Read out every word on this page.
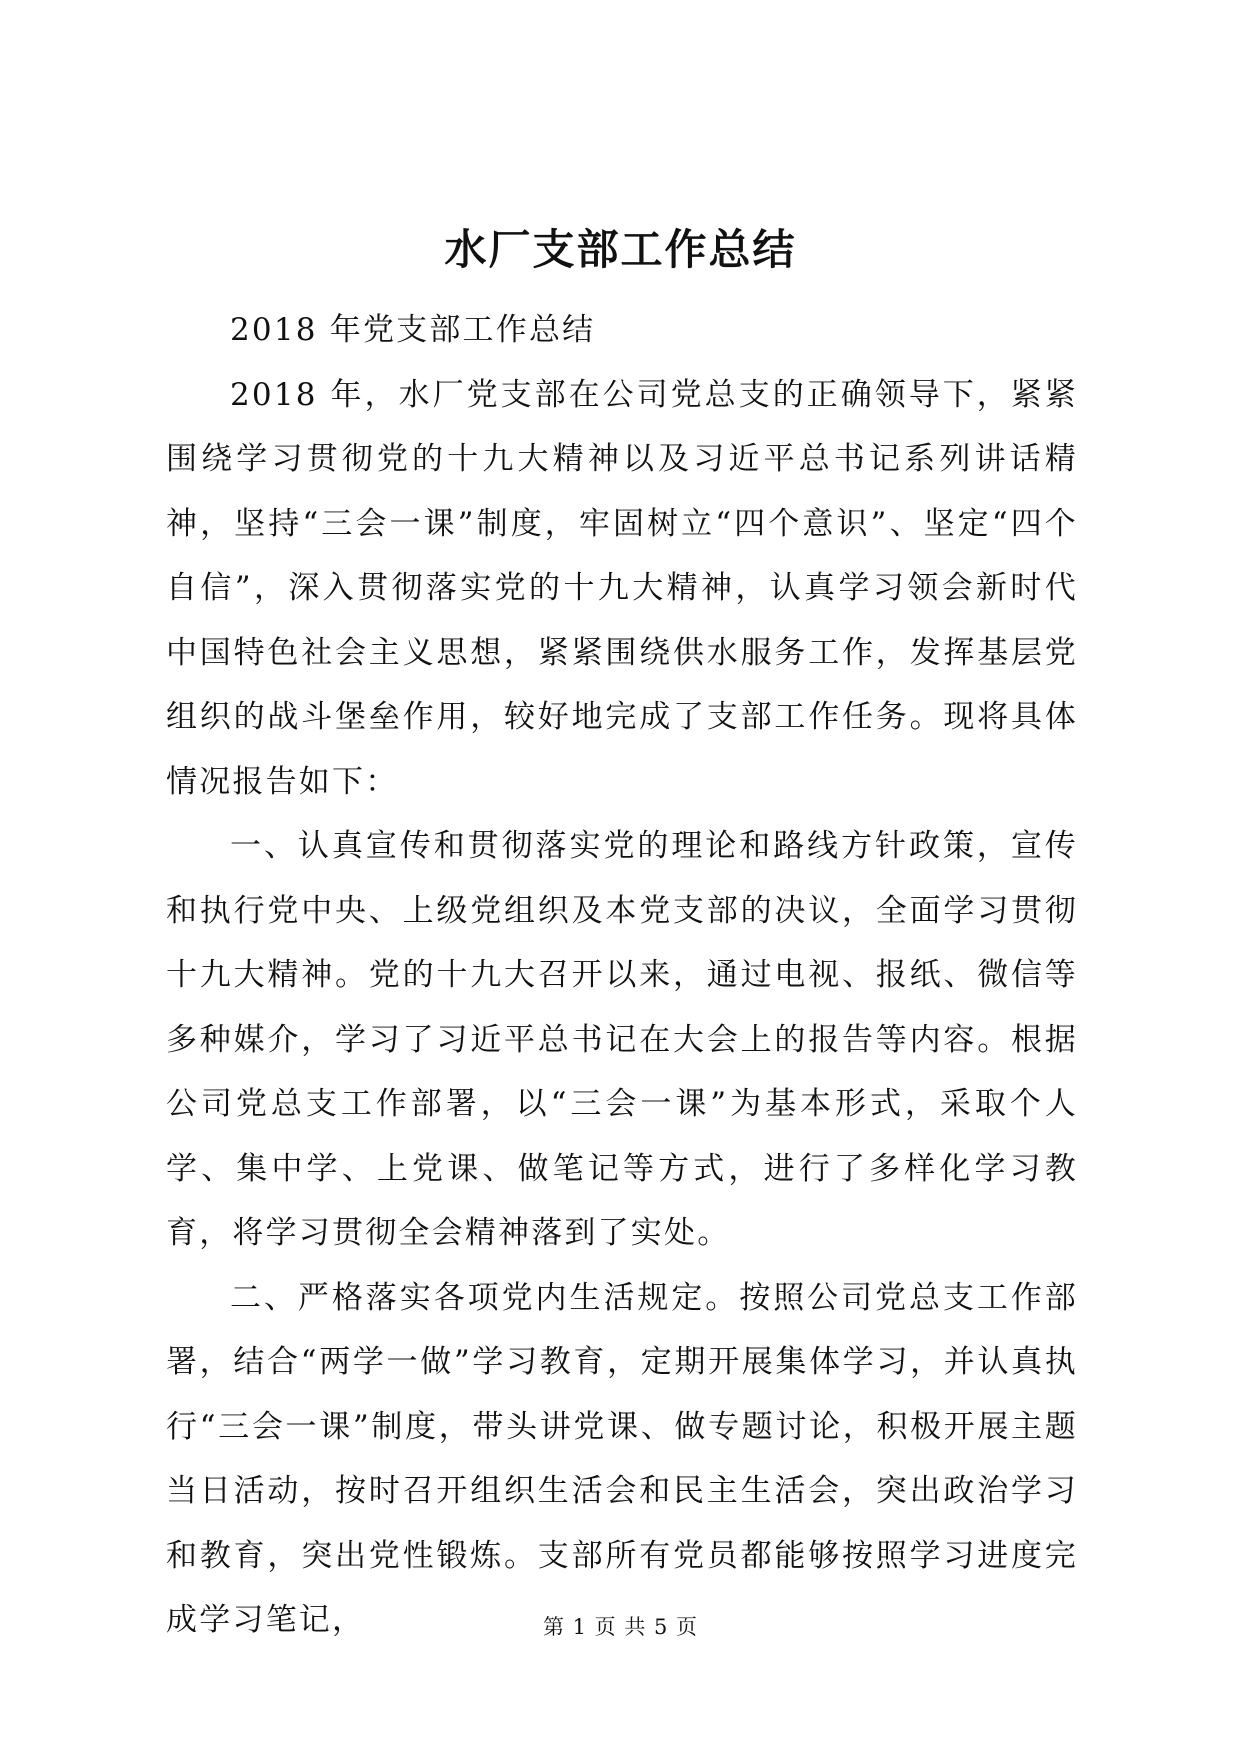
水厂支部工作总结

2018 年党支部工作总结

2018 年，水厂党支部在公司党总支的正确领导下，紧紧围绕学习贯彻党的十九大精神以及习近平总书记系列讲话精神，坚持“三会一课”制度，牢固树立“四个意识”、坚定“四个自信”，深入贯彻落实党的十九大精神，认真学习领会新时代中国特色社会主义思想，紧紧围绕供水服务工作，发挥基层党组织的战斗堡垒作用，较好地完成了支部工作任务。现将具体情况报告如下：

一、认真宣传和贯彻落实党的理论和路线方针政策，宣传和执行党中央、上级党组织及本党支部的决议，全面学习贯彻十九大精神。党的十九大召开以来，通过电视、报纸、微信等多种媒介，学习了习近平总书记在大会上的报告等内容。根据公司党总支工作部署，以“三会一课”为基本形式，采取个人学、集中学、上党课、做笔记等方式，进行了多样化学习教育，将学习贯彻全会精神落到了实处。

二、严格落实各项党内生活规定。按照公司党总支工作部署，结合“两学一做”学习教育，定期开展集体学习，并认真执行“三会一课”制度，带头讲党课、做专题讨论，积极开展主题当日活动，按时召开组织生活会和民主生活会，突出政治学习和教育，突出党性锻炼。支部所有党员都能够按照学习进度完成学习笔记，	第 1 页 共 5 页
